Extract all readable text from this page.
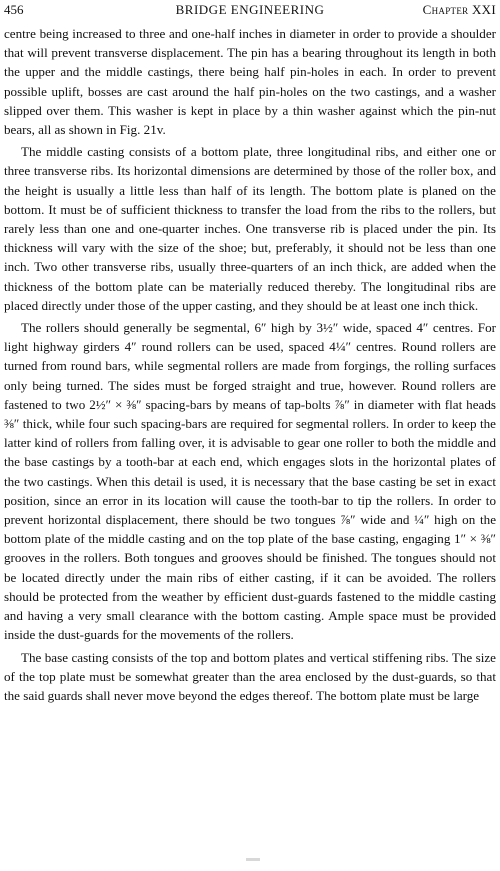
456	BRIDGE ENGINEERING	Chapter XXI

centre being increased to three and one-half inches in diameter in order to provide a shoulder that will prevent transverse displacement. The pin has a bearing throughout its length in both the upper and the middle castings, there being half pin-holes in each. In order to prevent possible uplift, bosses are cast around the half pin-holes on the two castings, and a washer slipped over them. This washer is kept in place by a thin washer against which the pin-nut bears, all as shown in Fig. 21v.

The middle casting consists of a bottom plate, three longitudinal ribs, and either one or three transverse ribs. Its horizontal dimensions are determined by those of the roller box, and the height is usually a little less than half of its length. The bottom plate is planed on the bottom. It must be of sufficient thickness to transfer the load from the ribs to the rollers, but rarely less than one and one-quarter inches. One transverse rib is placed under the pin. Its thickness will vary with the size of the shoe; but, preferably, it should not be less than one inch. Two other transverse ribs, usually three-quarters of an inch thick, are added when the thickness of the bottom plate can be materially reduced thereby. The longitudinal ribs are placed directly under those of the upper casting, and they should be at least one inch thick.

The rollers should generally be segmental, 6″ high by 3½″ wide, spaced 4″ centres. For light highway girders 4″ round rollers can be used, spaced 4¼″ centres. Round rollers are turned from round bars, while segmental rollers are made from forgings, the rolling surfaces only being turned. The sides must be forged straight and true, however. Round rollers are fastened to two 2½″ × ⅜″ spacing-bars by means of tap-bolts ⅞″ in diameter with flat heads ⅜″ thick, while four such spacing-bars are required for segmental rollers. In order to keep the latter kind of rollers from falling over, it is advisable to gear one roller to both the middle and the base castings by a tooth-bar at each end, which engages slots in the horizontal plates of the two castings. When this detail is used, it is necessary that the base casting be set in exact position, since an error in its location will cause the tooth-bar to tip the rollers. In order to prevent horizontal displacement, there should be two tongues ⅞″ wide and ¼″ high on the bottom plate of the middle casting and on the top plate of the base casting, engaging 1″ × ⅜″ grooves in the rollers. Both tongues and grooves should be finished. The tongues should not be located directly under the main ribs of either casting, if it can be avoided. The rollers should be protected from the weather by efficient dust-guards fastened to the middle casting and having a very small clearance with the bottom casting. Ample space must be provided inside the dust-guards for the movements of the rollers.

The base casting consists of the top and bottom plates and vertical stiffening ribs. The size of the top plate must be somewhat greater than the area enclosed by the dust-guards, so that the said guards shall never move beyond the edges thereof. The bottom plate must be large
